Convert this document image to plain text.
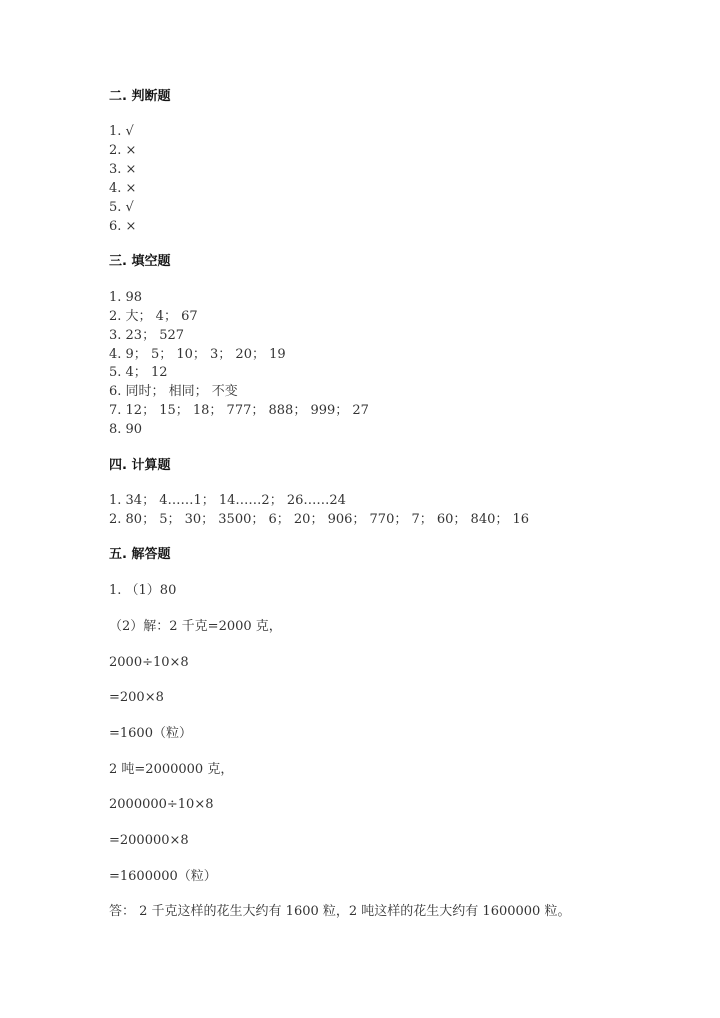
二. 判断题
1. √
2. ×
3. ×
4. ×
5. √
6. ×
三. 填空题
1. 98
2. 大； 4； 67
3. 23； 527
4. 9； 5； 10； 3； 20； 19
5. 4； 12
6. 同时； 相同； 不变
7. 12； 15； 18； 777； 888； 999； 27
8. 90
四. 计算题
1. 34； 4……1； 14……2； 26……24
2. 80； 5； 30； 3500； 6； 20； 906； 770； 7； 60； 840； 16
五. 解答题
1. （1）80
（2）解：2 千克=2000 克，
2000÷10×8
=200×8
=1600（粒）
2 吨=2000000 克，
2000000÷10×8
=200000×8
=1600000（粒）
答： 2 千克这样的花生大约有 1600 粒，2 吨这样的花生大约有 1600000 粒。
